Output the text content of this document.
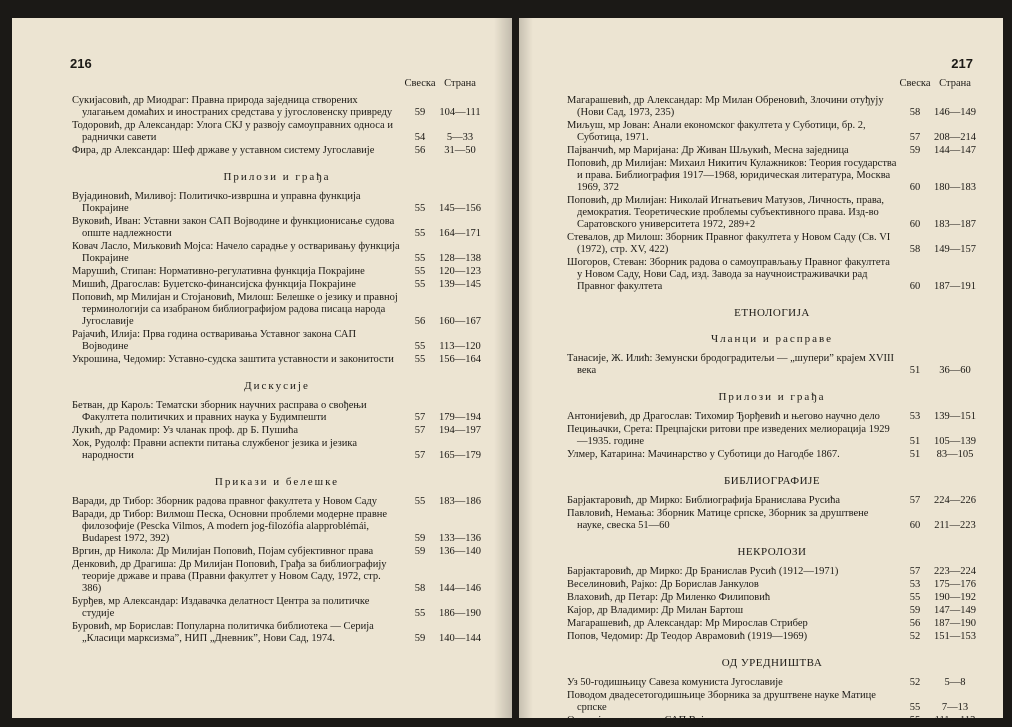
216
Свеска Страна
Сукијасовић, др Миодраг: Правна природа заједница створених улагањем домаћих и иностраних средстава у југословенску привреду	59	104—111
Тодоровић, др Александар: Улога СКЈ у развоју самоуправних односа и раднички савети	54	5—33
Фира, др Александар: Шеф државе у уставном систему Југославије	56	31—50
Прилози и грађа
Вујадиновић, Миливој: Политичко-извршна и управна функција Покрајине	55	145—156
Вуковић, Иван: Уставни закон САП Војводине и функционисање судова опште надлежности	55	164—171
Ковач Ласло, Миљковић Мојса: Начело сарадње у остваривању функција Покрајине	55	128—138
Марушић, Стипан: Нормативно-регулативна функција Покрајине	55	120—123
Мишић, Драгослав: Буџетско-финансијска функција Покрајине	55	139—145
Поповић, мр Милијан и Стојановић, Милош: Белешке о језику и правној терминологији са изабраном библиографијом радова писаца народа Југославије	56	160—167
Рајачић, Илија: Прва година остваривања Уставног закона САП Војводине	55	113—120
Укрошина, Чедомир: Уставно-судска заштита уставности и законитости	55	156—164
Дискусије
Бетван, др Карољ: Тематски зборник научних расправа о свођењи Факултета политичких и правних наука у Будимпешти	57	179—194
Лукић, др Радомир: Уз чланак проф. др Б. Пушића	57	194—197
Хок, Рудолф: Правни аспекти питања службеног језика и језика народности	57	165—179
Прикази и белешке
Варади, др Тибор: Зборник радова правног факултета у Новом Саду	55	183—186
Варади, др Тибор: Вилмош Песка, Основни проблеми модерне правне филозофије (Pescka Vilmos, A modern jog-filozófia alapproblémái, Budapest 1972, 392)	59	133—136
Вргин, др Никола: Др Милијан Поповић, Појам субјективног права	59	136—140
Денковић, др Драгиша: Др Милијан Поповић, Грађа за библиографију теорије државе и права (Правни факултет у Новом Саду, 1972, стр. 386)	58	144—146
Бурђев, мр Александар: Издавачка делатност Центра за политичке студије	55	186—190
Буровић, мр Борислав: Популарна политичка библиотека — Серија „Класици марксизма”, НИП „Дневник”, Нови Сад, 1974.	59	140—144
217
Свеска Страна
Магарашевић, др Александар: Мр Милан Обреновић, Злочини отуђују (Нови Сад, 1973, 235)	58	146—149
Миљуш, мр Јован: Анали економског факултета у Суботици, бр. 2, Суботица, 1971.	57	208—214
Пајванчић, мр Маријана: Др Живан Шљукић, Месна заједница	59	144—147
Поповић, др Милијан: Михаил Никитич Кулажников: Теория государства и права. Библиография 1917—1968, юридическая литература, Москва 1969, 372	60	180—183
Поповић, др Милијан: Николай Игнатьевич Матузов, Личность, права, демократия. Теоретические проблемы субъективного права. Изд-во Саратовского университета 1972, 289+2	60	183—187
Стевалов, др Милош: Зборник Правног факултета у Новом Саду (Св. VI (1972), стр. XV, 422)	58	149—157
Шогоров, Стеван: Зборник радова о самоуправљању Правног факултета у Новом Саду, Нови Сад, изд. Завода за научноистраживачки рад Правног факултета	60	187—191
ЕТНОЛОГИЈА
Чланци и расправе
Танасије, Ж. Илић: Земунски бродоградитељи — „шупери” крајем XVIII века	51	36—60
Прилози и грађа
Антонијевић, др Драгослав: Тихомир Ђорђевић и његово научно дело	53	139—151
Пецињачки, Срета: Прецпајски ритови пре изведених мелиорација 1929—1935. године	51	105—139
Улмер, Катарина: Мачинарство у Суботици до Нагодбе 1867.	51	83—105
БИБЛИОГРАФИЈЕ
Барјактаровић, др Мирко: Библиографија Бранислава Русића	57	224—226
Павловић, Немања: Зборник Матице српске, Зборник за друштвене науке, свеска 51—60	60	211—223
НЕКРОЛОЗИ
Барјактаровић, др Мирко: Др Бранислав Русић (1912—1971)	57	223—224
Веселиновић, Рајко: Др Борислав Јанкулов	53	175—176
Влаховић, др Петар: Др Миленко Филиповић	55	190—192
Кајор, др Владимир: Др Милан Бартош	59	147—149
Магарашевић, др Александар: Мр Мирослав Стрибер	56	187—190
Попов, Чедомир: Др Теодор Аврамовић (1919—1969)	52	151—153
ОД УРЕДНИШТВА
Уз 50-годишњицу Савеза комуниста Југославије	52	5—8
Поводом двадесетогодишњице Зборника за друштвене науке Матице српске	55	7—13
О новој уставности у САП Војводини	55	111—113
